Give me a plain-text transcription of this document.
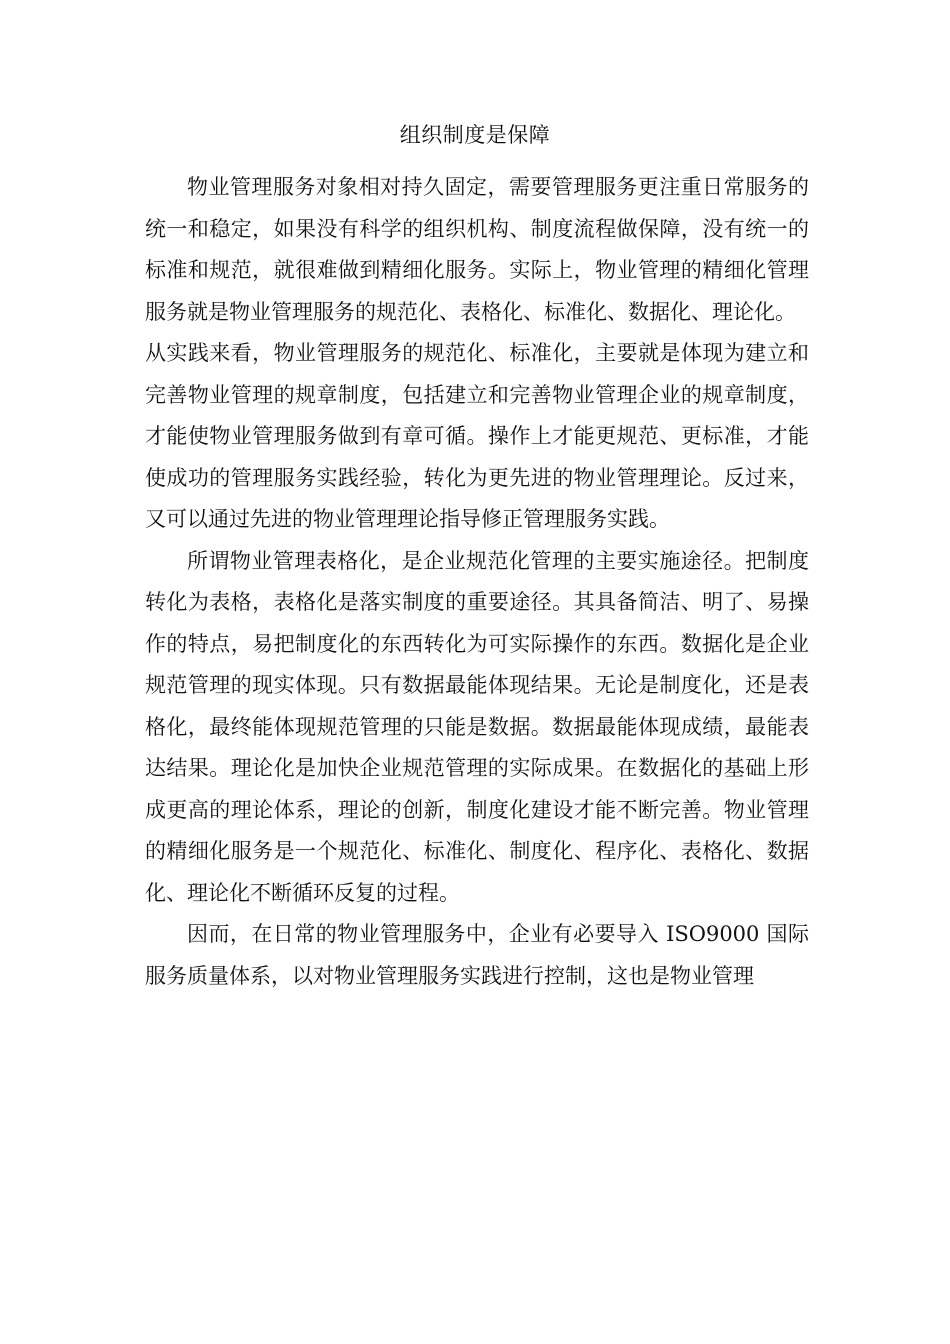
组织制度是保障

物业管理服务对象相对持久固定，需要管理服务更注重日常服务的统一和稳定，如果没有科学的组织机构、制度流程做保障，没有统一的标准和规范，就很难做到精细化服务。实际上，物业管理的精细化管理服务就是物业管理服务的规范化、表格化、标准化、数据化、理论化。

从实践来看，物业管理服务的规范化、标准化，主要就是体现为建立和完善物业管理的规章制度，包括建立和完善物业管理企业的规章制度，才能使物业管理服务做到有章可循。操作上才能更规范、更标准，才能使成功的管理服务实践经验，转化为更先进的物业管理理论。反过来，又可以通过先进的物业管理理论指导修正管理服务实践。

所谓物业管理表格化，是企业规范化管理的主要实施途径。把制度转化为表格，表格化是落实制度的重要途径。其具备简洁、明了、易操作的特点，易把制度化的东西转化为可实际操作的东西。数据化是企业规范管理的现实体现。只有数据最能体现结果。无论是制度化，还是表格化，最终能体现规范管理的只能是数据。数据最能体现成绩，最能表达结果。理论化是加快企业规范管理的实际成果。在数据化的基础上形成更高的理论体系，理论的创新，制度化建设才能不断完善。物业管理的精细化服务是一个规范化、标准化、制度化、程序化、表格化、数据化、理论化不断循环反复的过程。

因而，在日常的物业管理服务中，企业有必要导入 ISO9000 国际服务质量体系，以对物业管理服务实践进行控制，这也是物业管理
